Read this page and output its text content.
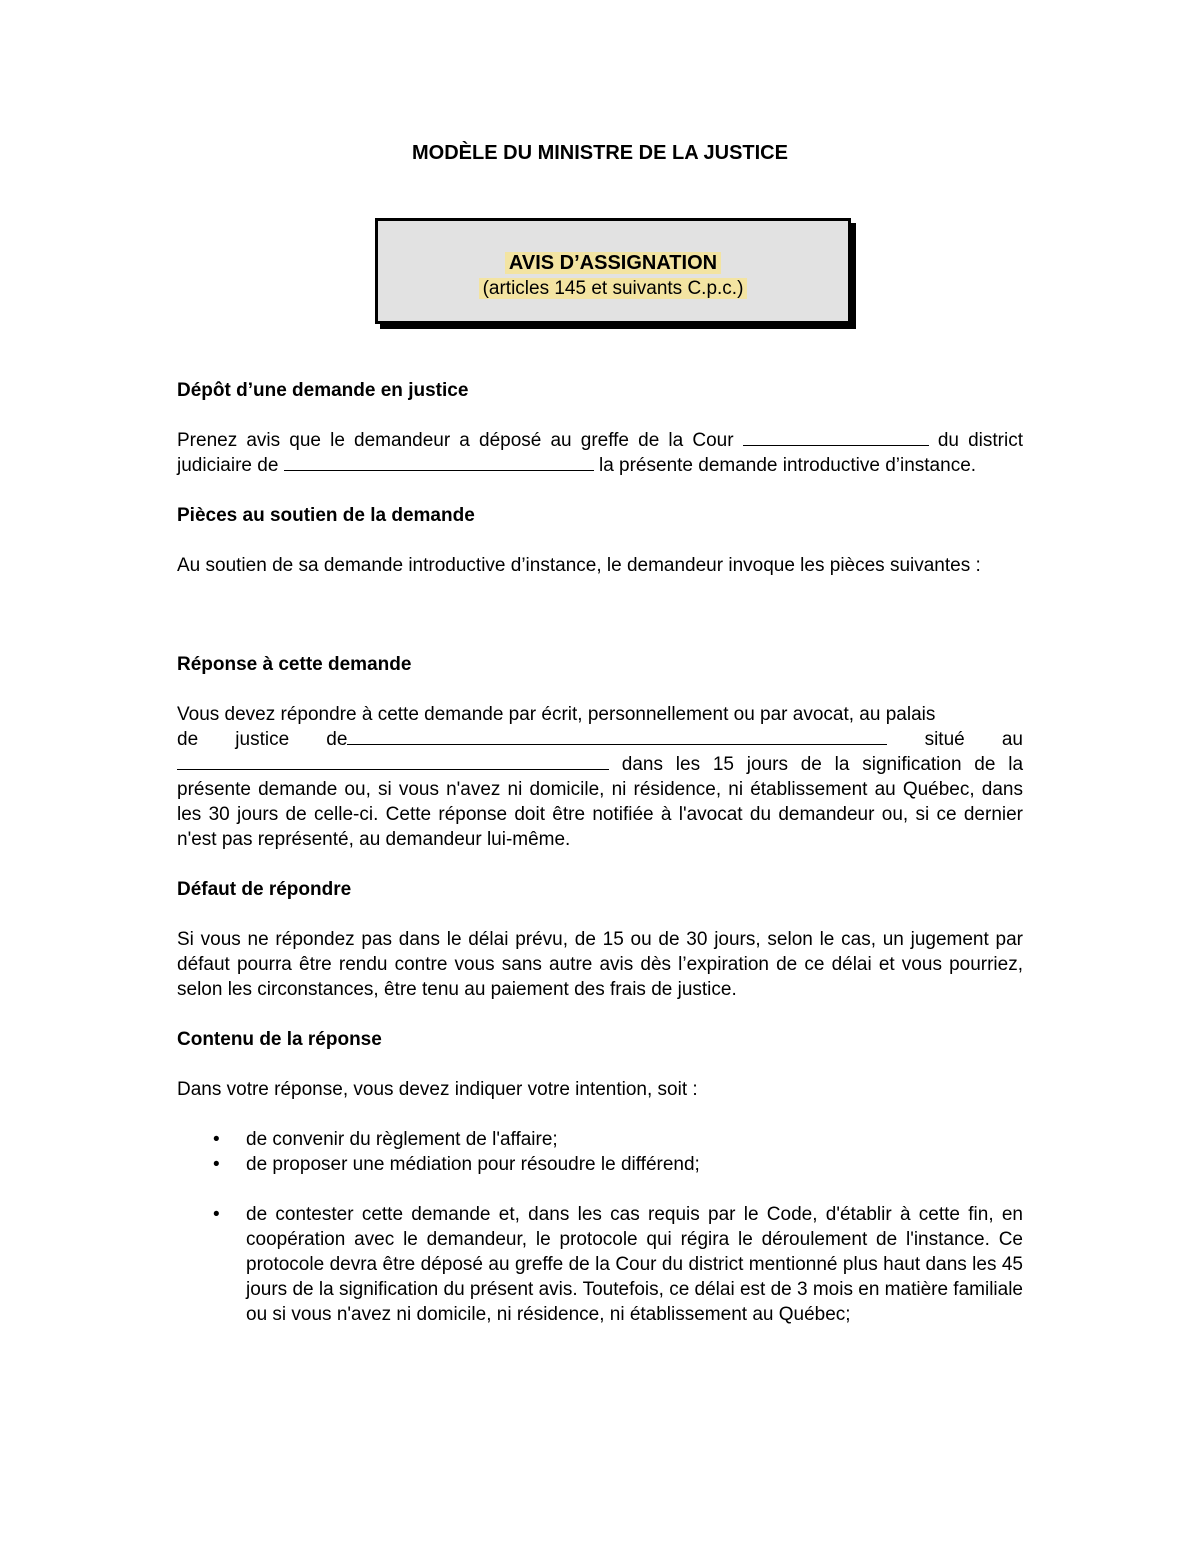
MODÈLE DU MINISTRE DE LA JUSTICE
AVIS D’ASSIGNATION
(articles 145 et suivants C.p.c.)
Dépôt d’une demande en justice

Prenez avis que le demandeur a déposé au greffe de la Cour	du district judiciaire de	la présente demande introductive d’instance.

Pièces au soutien de la demande

Au soutien de sa demande introductive d’instance, le demandeur invoque les pièces suivantes :

Réponse à cette demande

Vous devez répondre à cette demande par écrit, personnellement ou par avocat, au palais

de justice de	situé au

dans les 15 jours de la signification de la présente demande ou, si vous n'avez ni domicile, ni résidence, ni établissement au Québec, dans les 30 jours de celle-ci. Cette réponse doit être notifiée à l'avocat du demandeur ou, si ce dernier n'est pas représenté, au demandeur lui-même.

Défaut de répondre

Si vous ne répondez pas dans le délai prévu, de 15 ou de 30 jours, selon le cas, un jugement par défaut pourra être rendu contre vous sans autre avis dès l’expiration de ce délai et vous pourriez, selon les circonstances, être tenu au paiement des frais de justice.

Contenu de la réponse

Dans votre réponse, vous devez indiquer votre intention, soit :

• de convenir du règlement de l'affaire;
• de proposer une médiation pour résoudre le différend;
• de contester cette demande et, dans les cas requis par le Code, d'établir à cette fin, en coopération avec le demandeur, le protocole qui régira le déroulement de l'instance. Ce protocole devra être déposé au greffe de la Cour du district mentionné plus haut dans les 45 jours de la signification du présent avis. Toutefois, ce délai est de 3 mois en matière familiale ou si vous n'avez ni domicile, ni résidence, ni établissement au Québec;
